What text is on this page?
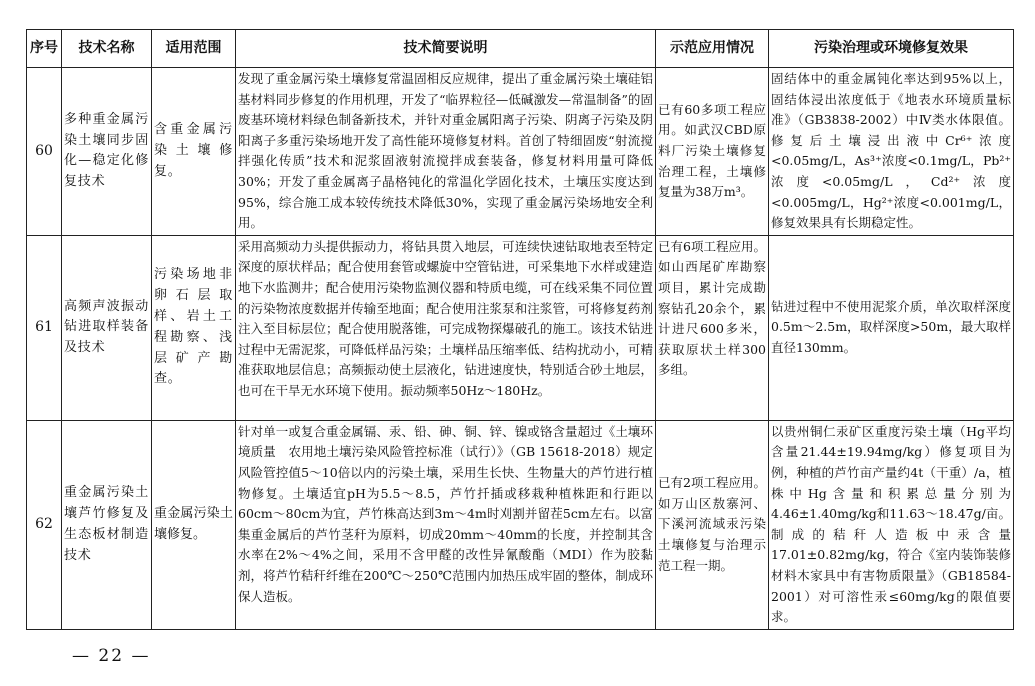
序号	技术名称	适用范围	技术简要说明	示范应用情况	污染治理或环境修复效果
60	多种重金属污染土壤同步固化—稳定化修复技术	含重金属污染土壤修复。	发现了重金属污染土壤修复常温固相反应规律，提出了重金属污染土壤硅铝基材料同步修复的作用机理，开发了“临界粒径—低碱激发—常温制备”的固废基环境材料绿色制备新技术，并针对重金属阳离子污染、阴离子污染及阴阳离子多重污染场地开发了高性能环境修复材料。首创了特细固废“射流搅拌强化传质”技术和泥浆固液射流搅拌成套装备，修复材料用量可降低30%；开发了重金属离子晶格钝化的常温化学固化技术，土壤压实度达到95%，综合施工成本较传统技术降低30%，实现了重金属污染场地安全利用。	已有60多项工程应用。如武汉CBD原料厂污染土壤修复治理工程，土壤修复量为38万m³。	固结体中的重金属钝化率达到95%以上，固结体浸出浓度低于《地表水环境质量标准》（GB3838-2002）中Ⅳ类水体限值。修复后土壤浸出液中Cr⁶⁺浓度<0.05mg/L，As³⁺浓度<0.1mg/L，Pb²⁺浓度<0.05mg/L，Cd²⁺浓度<0.005mg/L，Hg²⁺浓度<0.001mg/L，修复效果具有长期稳定性。
61	高频声波振动钻进取样装备及技术	污染场地非卵石层取样、岩土工程勘察、浅层矿产勘查。	采用高频动力头提供振动力，将钻具贯入地层，可连续快速钻取地表至特定深度的原状样品；配合使用套管或螺旋中空管钻进，可采集地下水样或建造地下水监测井；配合使用污染物监测仪器和特质电缆，可在线采集不同位置的污染物浓度数据并传输至地面；配合使用注浆泵和注浆管，可将修复药剂注入至目标层位；配合使用脱落锥，可完成物探爆破孔的施工。该技术钻进过程中无需泥浆，可降低样品污染；土壤样品压缩率低、结构扰动小，可精准获取地层信息；高频振动使土层液化，钻进速度快，特别适合砂土地层，也可在干旱无水环境下使用。振动频率50Hz～180Hz。	已有6项工程应用。如山西尾矿库勘察项目，累计完成勘察钻孔20余个，累计进尺600多米，获取原状土样300多组。	钻进过程中不使用泥浆介质，单次取样深度0.5m～2.5m，取样深度>50m，最大取样直径130mm。
62	重金属污染土壤芦竹修复及生态板材制造技术	重金属污染土壤修复。	针对单一或复合重金属镉、汞、铅、砷、铜、锌、镍或铬含量超过《土壤环境质量　农用地土壤污染风险管控标准（试行）》（GB 15618-2018）规定风险管控值5～10倍以内的污染土壤，采用生长快、生物量大的芦竹进行植物修复。土壤适宜pH为5.5～8.5，芦竹扦插或移栽种植株距和行距以60cm～80cm为宜，芦竹株高达到3m～4m时刈割并留茬5cm左右。以富集重金属后的芦竹茎秆为原料，切成20mm～40mm的长度，并控制其含水率在2%～4%之间，采用不含甲醛的改性异氰酸酯（MDI）作为胶黏剂，将芦竹秸秆纤维在200℃～250℃范围内加热压成牢固的整体，制成环保人造板。	已有2项工程应用。如万山区敖寨河、下溪河流域汞污染土壤修复与治理示范工程一期。	以贵州铜仁汞矿区重度污染土壤（Hg平均含量21.44±19.94mg/kg）修复项目为例，种植的芦竹亩产量约4t（干重）/a，植株中Hg含量和积累总量分别为4.46±1.40mg/kg和11.63～18.47g/亩。制成的秸秆人造板中汞含量17.01±0.82mg/kg，符合《室内装饰装修材料木家具中有害物质限量》（GB18584-2001）对可溶性汞≤60mg/kg的限值要求。
— 22 —
